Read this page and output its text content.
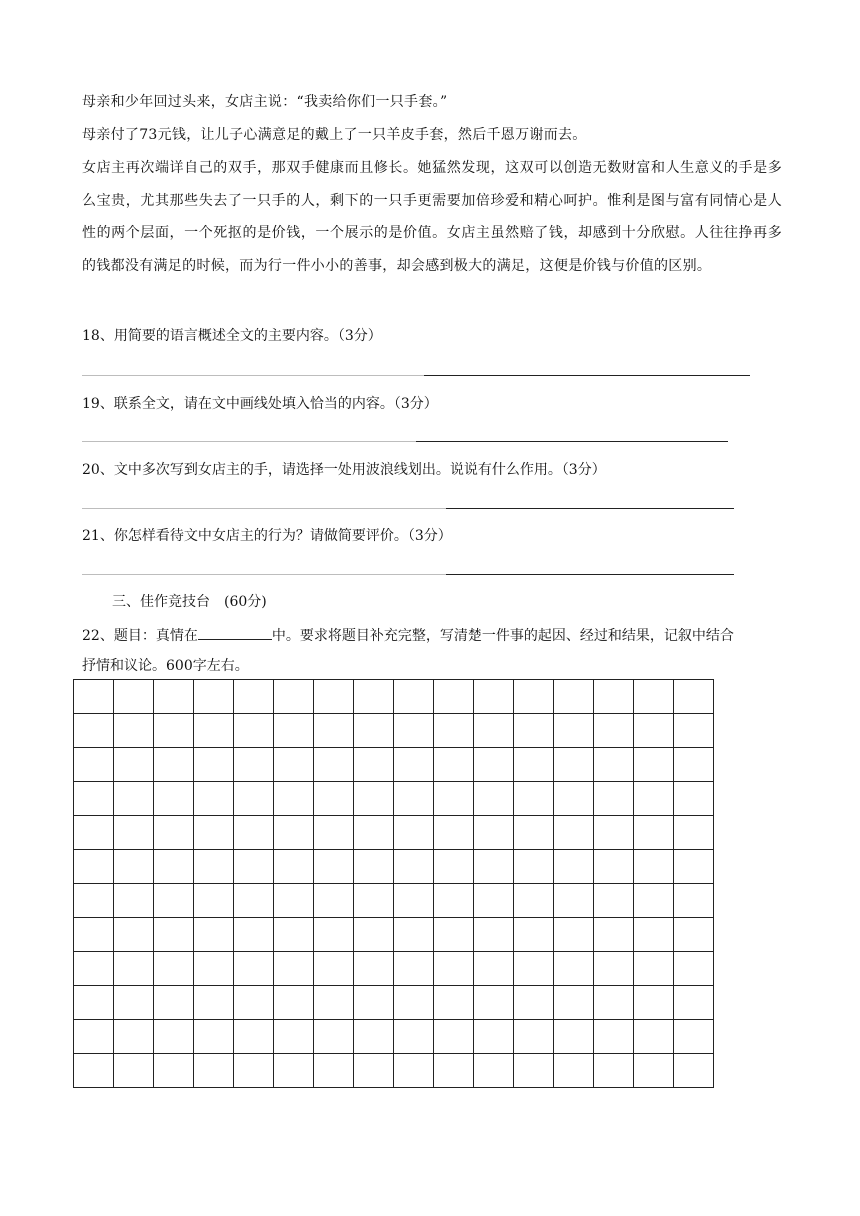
母亲和少年回过头来，女店主说：“我卖给你们一只手套。”

母亲付了73元钱，让儿子心满意足的戴上了一只羊皮手套，然后千恩万谢而去。

女店主再次端详自己的双手，那双手健康而且修长。她猛然发现，这双可以创造无数财富和人生意义的手是多么宝贵，尤其那些失去了一只手的人，剩下的一只手更需要加倍珍爱和精心呵护。惟利是图与富有同情心是人性的两个层面，一个死抠的是价钱，一个展示的是价值。女店主虽然赔了钱，却感到十分欣慰。人往往挣再多的钱都没有满足的时候，而为行一件小小的善事，却会感到极大的满足，这便是价钱与价值的区别。

18、用简要的语言概述全文的主要内容。（3分）

19、联系全文，请在文中画线处填入恰当的内容。（3分）

20、文中多次写到女店主的手，请选择一处用波浪线划出。说说有什么作用。（3分）

21、你怎样看待文中女店主的行为？请做简要评价。（3分）

三、佳作竞技台　(60分)

22、题目：真情在	中。要求将题目补充完整，写清楚一件事的起因、经过和结果，记叙中结合

抒情和议论。600字左右。
